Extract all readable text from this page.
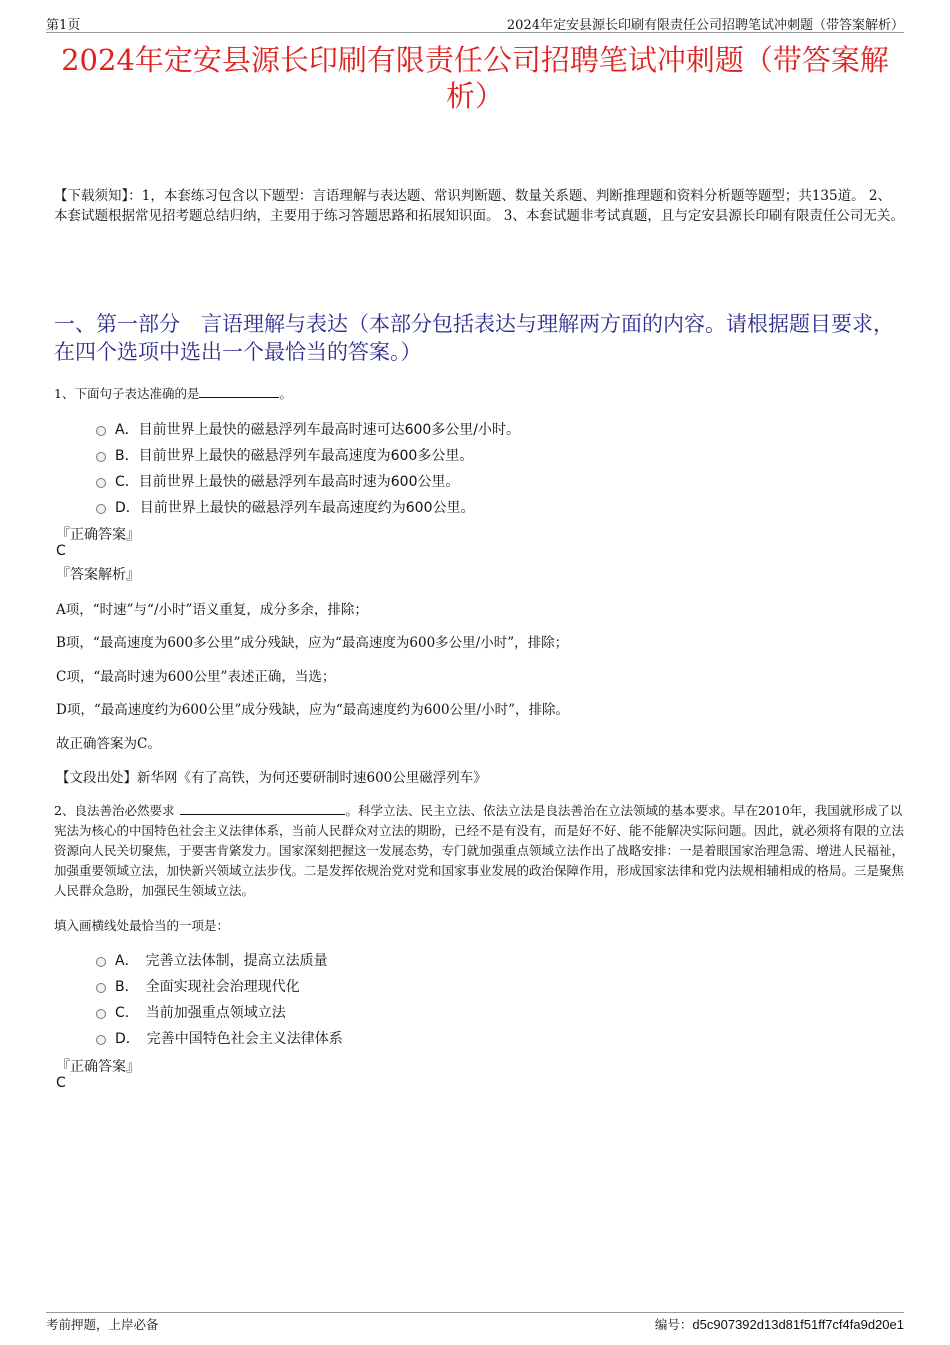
第1页	2024年定安县源长印刷有限责任公司招聘笔试冲刺题（带答案解析）
2024年定安县源长印刷有限责任公司招聘笔试冲刺题（带答案解析）
【下载须知】：1，本套练习包含以下题型：言语理解与表达题、常识判断题、数量关系题、判断推理题和资料分析题等题型；共135道。 2、本套试题根据常见招考题总结归纳，主要用于练习答题思路和拓展知识面。 3、本套试题非考试真题，且与定安县源长印刷有限责任公司无关。
一、第一部分　言语理解与表达（本部分包括表达与理解两方面的内容。请根据题目要求，在四个选项中选出一个最恰当的答案。）
1、下面句子表达准确的是	。
A．目前世界上最快的磁悬浮列车最高时速可达600多公里/小时。
B．目前世界上最快的磁悬浮列车最高速度为600多公里。
C．目前世界上最快的磁悬浮列车最高时速为600公里。
D．目前世界上最快的磁悬浮列车最高速度约为600公里。
『正确答案』
C
『答案解析』
A项，“时速”与“/小时”语义重复，成分多余，排除；
B项，“最高速度为600多公里”成分残缺，应为“最高速度为600多公里/小时”，排除；
C项，“最高时速为600公里”表述正确，当选；
D项，“最高速度约为600公里”成分残缺，应为“最高速度约为600公里/小时”，排除。
故正确答案为C。
【文段出处】新华网《有了高铁，为何还要研制时速600公里磁浮列车》
2、良法善治必然要求	。科学立法、民主立法、依法立法是良法善治在立法领域的基本要求。早在2010年，我国就形成了以宪法为核心的中国特色社会主义法律体系，当前人民群众对立法的期盼，已经不是有没有，而是好不好、能不能解决实际问题。因此，就必须将有限的立法资源向人民关切聚焦，于要害肯綮发力。国家深刻把握这一发展态势，专门就加强重点领域立法作出了战略安排：一是着眼国家治理急需、增进人民福祉，加强重要领域立法，加快新兴领域立法步伐。二是发挥依规治党对党和国家事业发展的政治保障作用，形成国家法律和党内法规相辅相成的格局。三是聚焦人民群众急盼，加强民生领域立法。
填入画横线处最恰当的一项是：
A．　完善立法体制，提高立法质量
B．　全面实现社会治理现代化
C．　当前加强重点领域立法
D．　完善中国特色社会主义法律体系
『正确答案』
C
考前押题，上岸必备	编号：d5c907392d13d81f51ff7cf4fa9d20e1
